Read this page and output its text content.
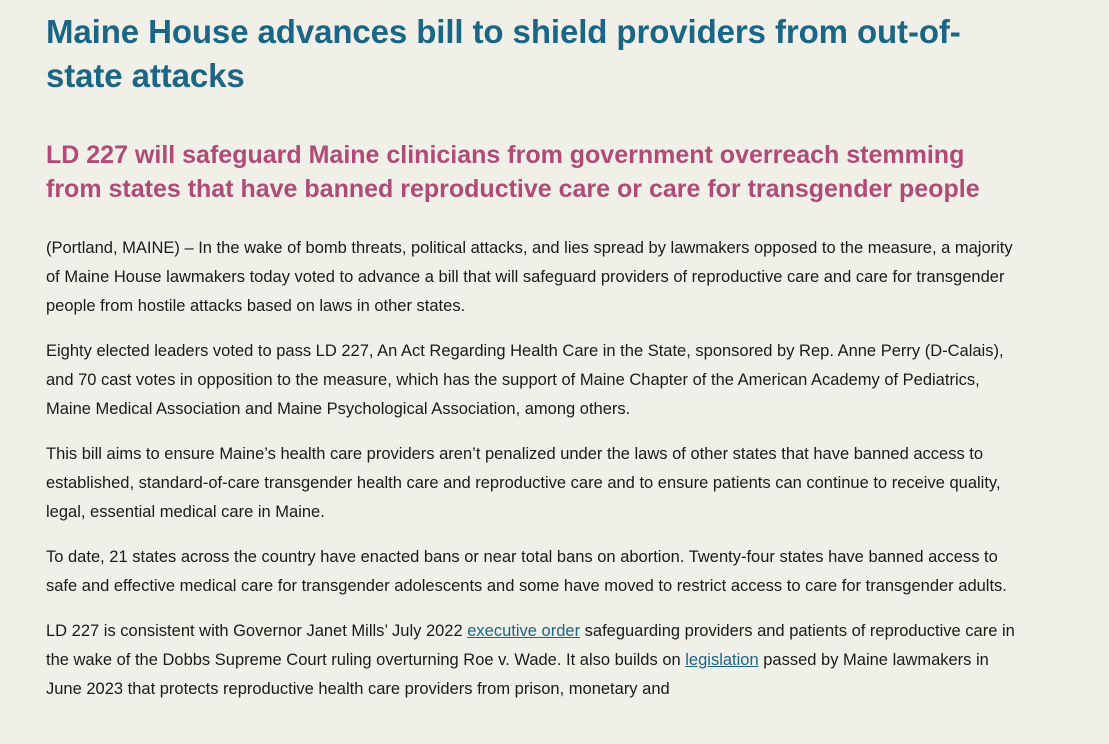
Maine House advances bill to shield providers from out-of-state attacks
LD 227 will safeguard Maine clinicians from government overreach stemming from states that have banned reproductive care or care for transgender people

(Portland, MAINE) – In the wake of bomb threats, political attacks, and lies spread by lawmakers opposed to the measure, a majority of Maine House lawmakers today voted to advance a bill that will safeguard providers of reproductive care and care for transgender people from hostile attacks based on laws in other states.

Eighty elected leaders voted to pass LD 227, An Act Regarding Health Care in the State, sponsored by Rep. Anne Perry (D-Calais), and 70 cast votes in opposition to the measure, which has the support of Maine Chapter of the American Academy of Pediatrics, Maine Medical Association and Maine Psychological Association, among others.

This bill aims to ensure Maine’s health care providers aren’t penalized under the laws of other states that have banned access to established, standard-of-care transgender health care and reproductive care and to ensure patients can continue to receive quality, legal, essential medical care in Maine.

To date, 21 states across the country have enacted bans or near total bans on abortion. Twenty-four states have banned access to safe and effective medical care for transgender adolescents and some have moved to restrict access to care for transgender adults.

LD 227 is consistent with Governor Janet Mills’ July 2022 executive order safeguarding providers and patients of reproductive care in the wake of the Dobbs Supreme Court ruling overturning Roe v. Wade. It also builds on legislation passed by Maine lawmakers in June 2023 that protects reproductive health care providers from prison, monetary and
